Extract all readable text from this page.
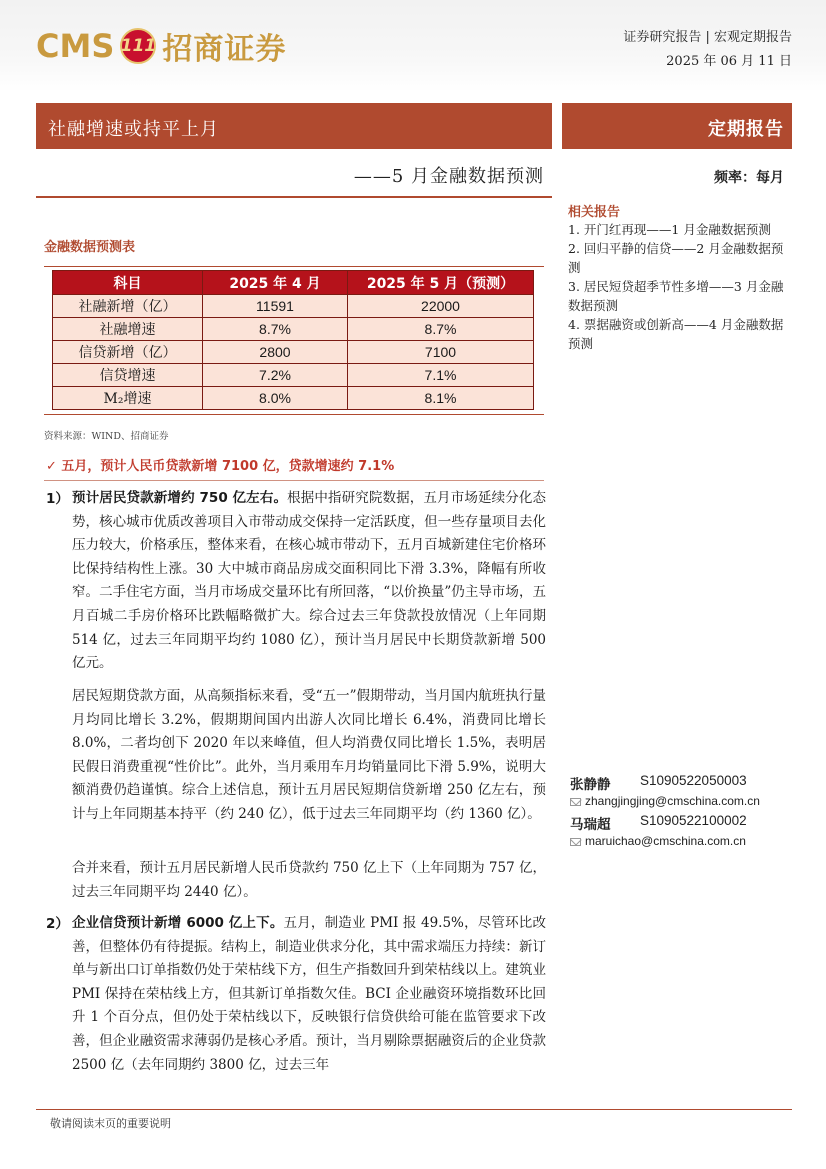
CMS 111 招商证券	证券研究报告 | 宏观定期报告
2025 年 06 月 11 日
社融增速或持平上月
——5 月金融数据预测
定期报告
频率：每月
相关报告
1. 开门红再现——1 月金融数据预测
2. 回归平静的信贷——2 月金融数据预测
3. 居民短贷超季节性多增——3 月金融数据预测
4. 票据融资或创新高——4 月金融数据预测
金融数据预测表
科目	2025 年 4 月	2025 年 5 月（预测）
社融新增（亿）	11591	22000
社融增速	8.7%	8.7%
信贷新增（亿）	2800	7100
信贷增速	7.2%	7.1%
M₂增速	8.0%	8.1%
资料来源：WIND、招商证券
✓ 五月，预计人民币贷款新增 7100 亿，贷款增速约 7.1%
1） 预计居民贷款新增约 750 亿左右。根据中指研究院数据，五月市场延续分化态势，核心城市优质改善项目入市带动成交保持一定活跃度，但一些存量项目去化压力较大，价格承压，整体来看，在核心城市带动下，五月百城新建住宅价格环比保持结构性上涨。30 大中城市商品房成交面积同比下滑 3.3%，降幅有所收窄。二手住宅方面，当月市场成交量环比有所回落，“以价换量”仍主导市场，五月百城二手房价格环比跌幅略微扩大。综合过去三年贷款投放情况（上年同期 514 亿，过去三年同期平均约 1080 亿），预计当月居民中长期贷款新增 500 亿元。
居民短期贷款方面，从高频指标来看，受“五一”假期带动，当月国内航班执行量月均同比增长 3.2%，假期期间国内出游人次同比增长 6.4%，消费同比增长 8.0%，二者均创下 2020 年以来峰值，但人均消费仅同比增长 1.5%，表明居民假日消费重视“性价比”。此外，当月乘用车月均销量同比下滑 5.9%，说明大额消费仍趋谨慎。综合上述信息，预计五月居民短期信贷新增 250 亿左右，预计与上年同期基本持平（约 240 亿），低于过去三年同期平均（约 1360 亿）。
合并来看，预计五月居民新增人民币贷款约 750 亿上下（上年同期为 757 亿，过去三年同期平均 2440 亿）。
2） 企业信贷预计新增 6000 亿上下。五月，制造业 PMI 报 49.5%，尽管环比改善，但整体仍有待提振。结构上，制造业供求分化，其中需求端压力持续：新订单与新出口订单指数仍处于荣枯线下方，但生产指数回升到荣枯线以上。建筑业 PMI 保持在荣枯线上方，但其新订单指数欠佳。BCI 企业融资环境指数环比回升 1 个百分点，但仍处于荣枯线以下，反映银行信贷供给可能在监管要求下改善，但企业融资需求薄弱仍是核心矛盾。预计，当月剔除票据融资后的企业贷款 2500 亿（去年同期约 3800 亿，过去三年
张静静 S1090522050003
zhangjingjing@cmschina.com.cn
马瑞超 S1090522100002
maruichao@cmschina.com.cn
敬请阅读末页的重要说明
